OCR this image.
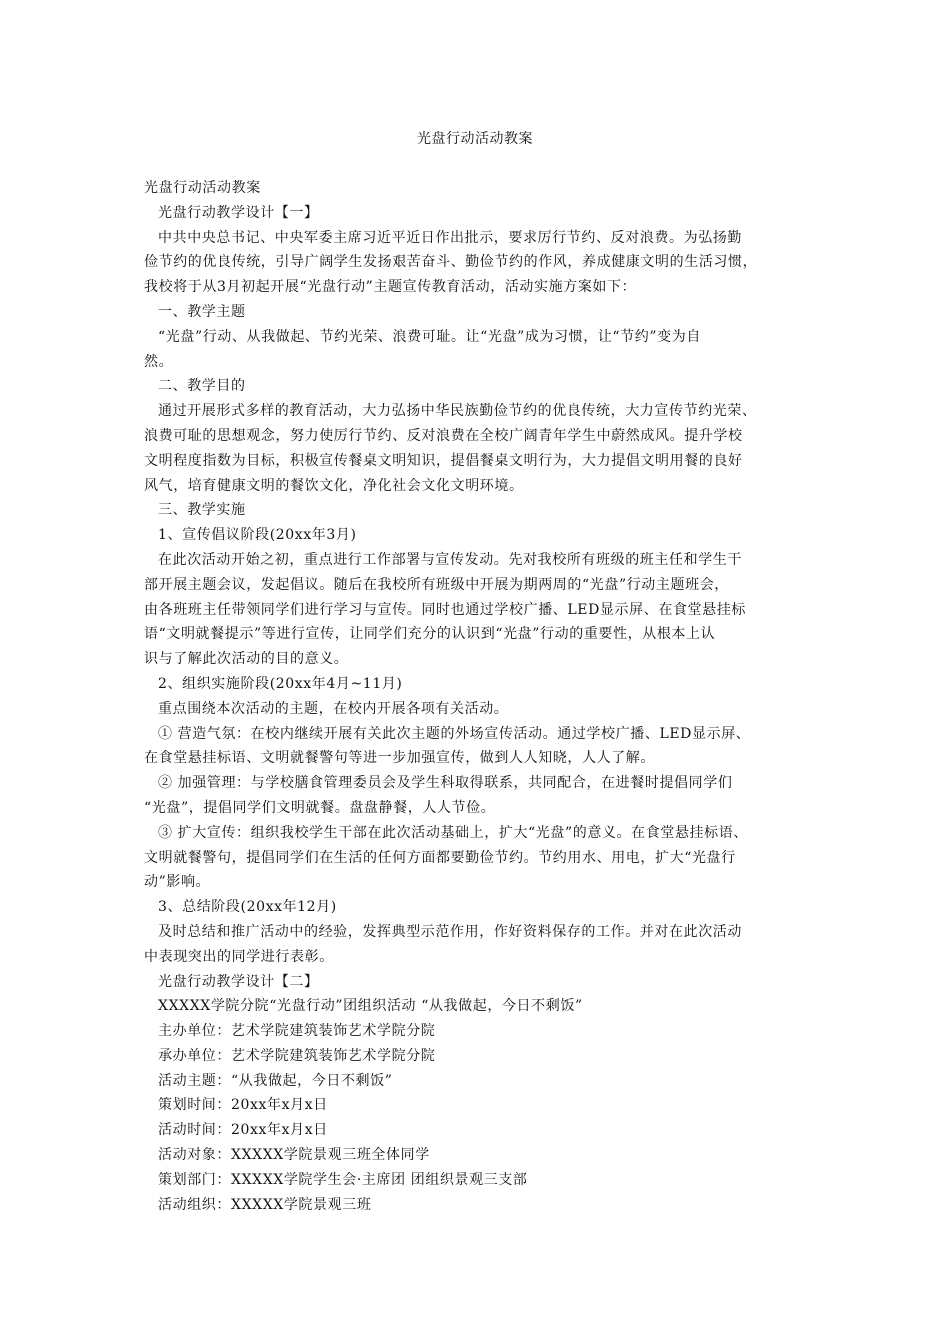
光盘行动活动教案
光盘行动活动教案
光盘行动教学设计【一】
中共中央总书记、中央军委主席习近平近日作出批示，要求厉行节约、反对浪费。为弘扬勤
俭节约的优良传统，引导广阔学生发扬艰苦奋斗、勤俭节约的作风，养成健康文明的生活习惯，
我校将于从3月初起开展“光盘行动”主题宣传教育活动，活动实施方案如下：
一、教学主题
“光盘”行动、从我做起、节约光荣、浪费可耻。让“光盘”成为习惯，让“节约”变为自
然。
二、教学目的
通过开展形式多样的教育活动，大力弘扬中华民族勤俭节约的优良传统，大力宣传节约光荣、
浪费可耻的思想观念，努力使厉行节约、反对浪费在全校广阔青年学生中蔚然成风。提升学校
文明程度指数为目标，积极宣传餐桌文明知识，提倡餐桌文明行为，大力提倡文明用餐的良好
风气，培育健康文明的餐饮文化，净化社会文化文明环境。
三、教学实施
1、宣传倡议阶段(20xx年3月)
在此次活动开始之初，重点进行工作部署与宣传发动。先对我校所有班级的班主任和学生干
部开展主题会议，发起倡议。随后在我校所有班级中开展为期两周的“光盘”行动主题班会，
由各班班主任带领同学们进行学习与宣传。同时也通过学校广播、LED显示屏、在食堂悬挂标
语“文明就餐提示”等进行宣传，让同学们充分的认识到“光盘”行动的重要性，从根本上认
识与了解此次活动的目的意义。
2、组织实施阶段(20xx年4月~11月)
重点围绕本次活动的主题，在校内开展各项有关活动。
① 营造气氛：在校内继续开展有关此次主题的外场宣传活动。通过学校广播、LED显示屏、
在食堂悬挂标语、文明就餐警句等进一步加强宣传，做到人人知晓，人人了解。
② 加强管理：与学校膳食管理委员会及学生科取得联系，共同配合，在进餐时提倡同学们
“光盘”，提倡同学们文明就餐。盘盘静餐，人人节俭。
③ 扩大宣传：组织我校学生干部在此次活动基础上，扩大“光盘”的意义。在食堂悬挂标语、
文明就餐警句，提倡同学们在生活的任何方面都要勤俭节约。节约用水、用电，扩大“光盘行
动”影响。
3、总结阶段(20xx年12月)
及时总结和推广活动中的经验，发挥典型示范作用，作好资料保存的工作。并对在此次活动
中表现突出的同学进行表彰。
光盘行动教学设计【二】
XXXXX学院分院“光盘行动”团组织活动 “从我做起，今日不剩饭”
主办单位：艺术学院建筑装饰艺术学院分院
承办单位：艺术学院建筑装饰艺术学院分院
活动主题：“从我做起，今日不剩饭”
策划时间：20xx年x月x日
活动时间：20xx年x月x日
活动对象：XXXXX学院景观三班全体同学
策划部门：XXXXX学院学生会·主席团 团组织景观三支部
活动组织：XXXXX学院景观三班
